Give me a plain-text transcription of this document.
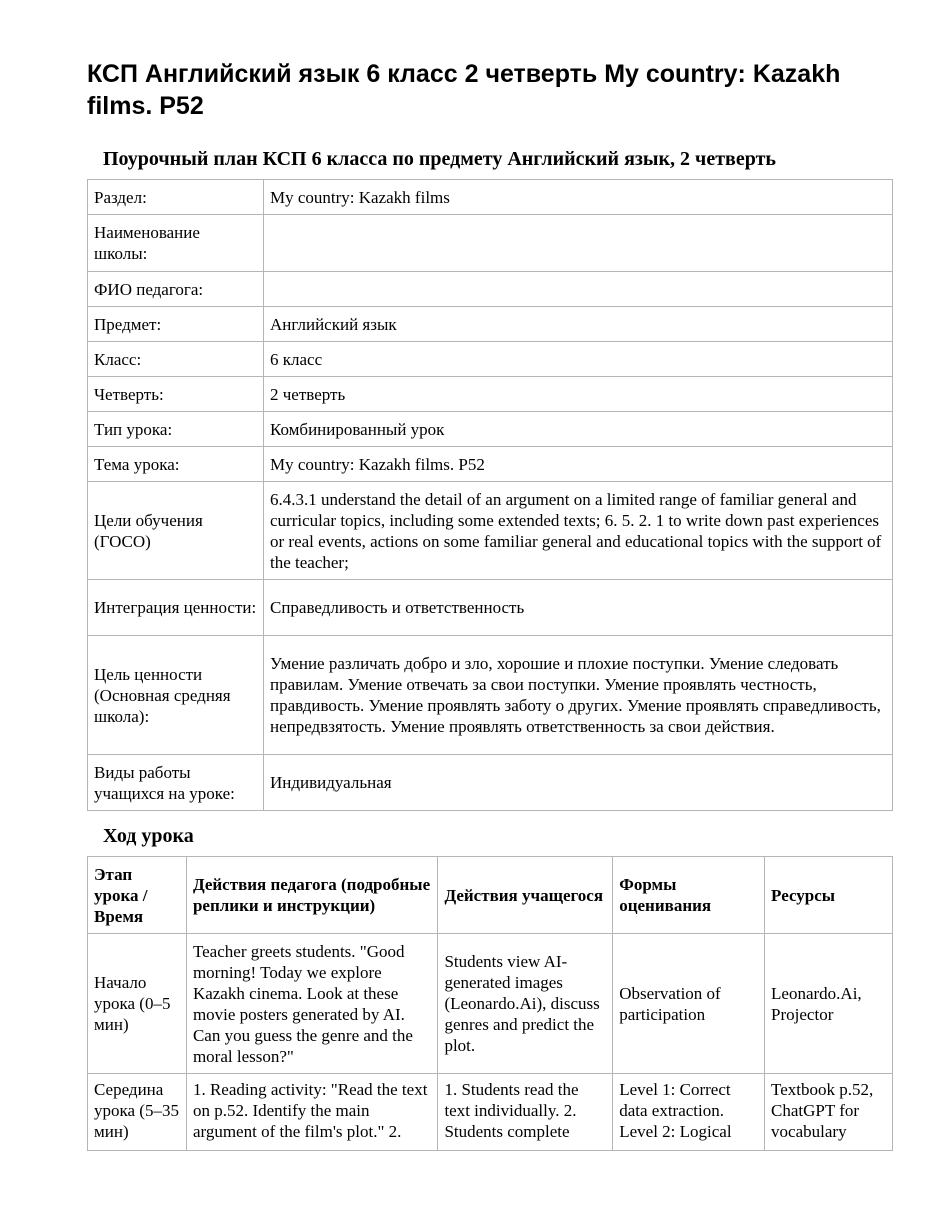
КСП Английский язык 6 класс 2 четверть My country: Kazakh films. P52
Поурочный план КСП 6 класса по предмету Английский язык, 2 четверть
Раздел:	My country: Kazakh films
Наименование школы:	
ФИО педагога:	
Предмет:	Английский язык
Класс:	6 класс
Четверть:	2 четверть
Тип урока:	Комбинированный урок
Тема урока:	My country: Kazakh films. P52
Цели обучения (ГОСО)	6.4.3.1 understand the detail of an argument on a limited range of familiar general and curricular topics, including some extended texts; 6. 5. 2. 1 to write down past experiences or real events, actions on some familiar general and educational topics with the support of the teacher;
Интеграция ценности:	Справедливость и ответственность
Цель ценности (Основная средняя школа):	Умение различать добро и зло, хорошие и плохие поступки. Умение следовать правилам. Умение отвечать за свои поступки. Умение проявлять честность, правдивость. Умение проявлять заботу о других. Умение проявлять справедливость, непредвзятость. Умение проявлять ответственность за свои действия.
Виды работы учащихся на уроке:	Индивидуальная
Ход урока
Этап урока / Время	Действия педагога (подробные реплики и инструкции)	Действия учащегося	Формы оценивания	Ресурсы
Начало урока (0–5 мин)	Teacher greets students. "Good morning! Today we explore Kazakh cinema. Look at these movie posters generated by AI. Can you guess the genre and the moral lesson?"	Students view AI-generated images (Leonardo.Ai), discuss genres and predict the plot.	Observation of participation	Leonardo.Ai, Projector
Середина урока (5–35 мин)	1. Reading activity: "Read the text on p.52. Identify the main argument of the film's plot." 2.	1. Students read the text individually. 2. Students complete	Level 1: Correct data extraction. Level 2: Logical	Textbook p.52, ChatGPT for vocabulary
